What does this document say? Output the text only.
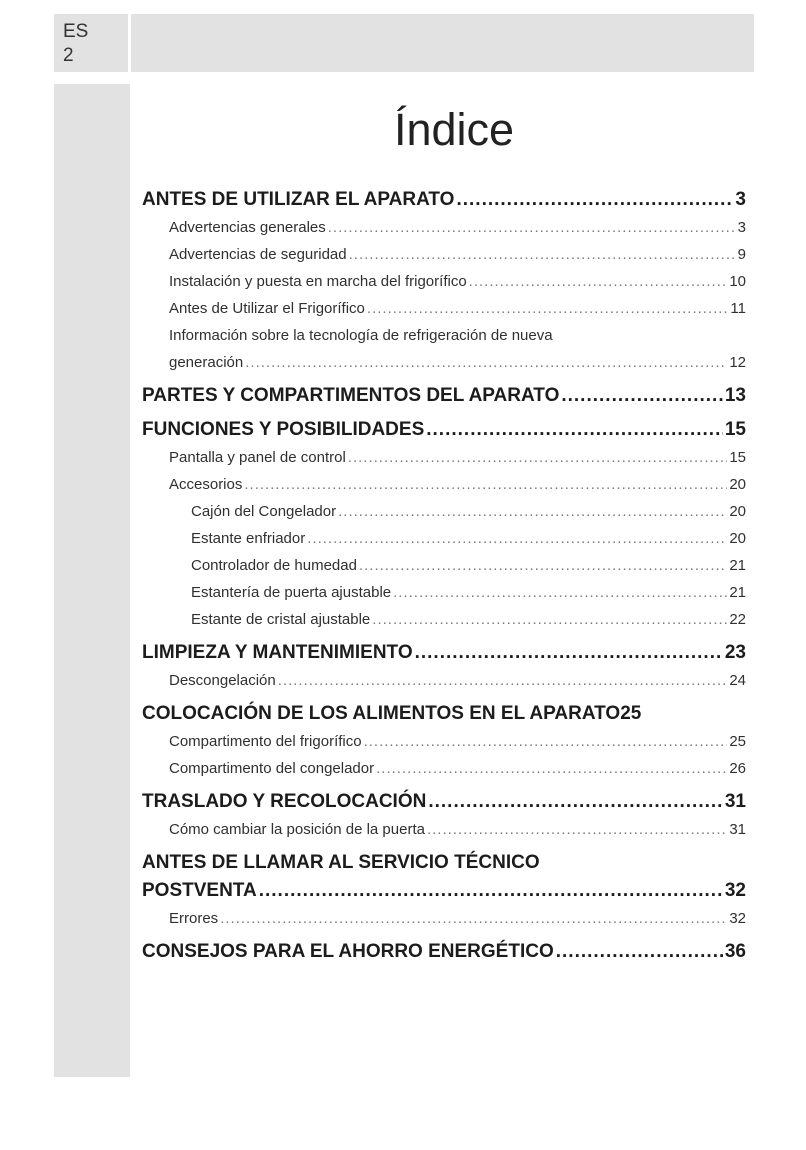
ES
2
Índice
ANTES DE UTILIZAR EL APARATO .....	3
Advertencias generales .....	3
Advertencias de seguridad .....	9
Instalación y puesta en marcha del frigorífico .....	10
Antes de Utilizar el Frigorífico .....	11
Información sobre la tecnología de refrigeración de nueva
generación .....	12
PARTES Y COMPARTIMENTOS DEL APARATO .....	13
FUNCIONES Y POSIBILIDADES .....	15
Pantalla y panel de control .....	15
Accesorios .....	20
Cajón del Congelador .....	20
Estante enfriador .....	20
Controlador de humedad .....	21
Estantería de puerta ajustable .....	21
Estante de cristal ajustable .....	22
LIMPIEZA Y MANTENIMIENTO .....	23
Descongelación .....	24
COLOCACIÓN DE LOS ALIMENTOS EN EL APARATO 25
Compartimento del frigorífico .....	25
Compartimento del congelador .....	26
TRASLADO Y RECOLOCACIÓN .....	31
Cómo cambiar la posición de la puerta .....	31
ANTES DE LLAMAR AL SERVICIO TÉCNICO
POSTVENTA .....	32
Errores .....	32
CONSEJOS PARA EL AHORRO ENERGÉTICO .....	36
